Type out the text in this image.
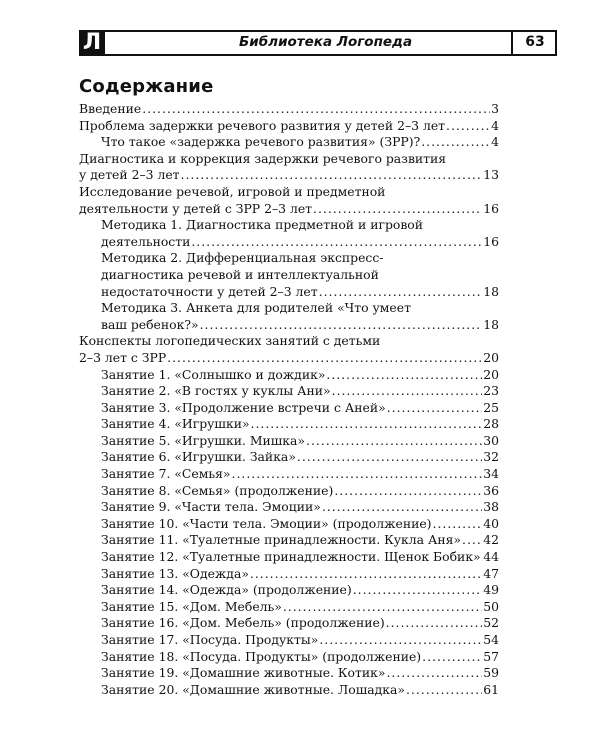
Л	Библиотека Логопеда	63
Содержание
Введение .....	3
Проблема задержки речевого развития у детей 2–3 лет .....	4
Что такое «задержка речевого развития» (ЗРР)? .....	4
Диагностика и коррекция задержки речевого развития
у детей 2–3 лет .....	13
Исследование речевой, игровой и предметной
деятельности у детей с ЗРР 2–3 лет .....	16
Методика 1. Диагностика предметной и игровой
деятельности .....	16
Методика 2. Дифференциальная экспресс-
диагностика речевой и интеллектуальной
недостаточности у детей 2–3 лет .....	18
Методика 3. Анкета для родителей «Что умеет
ваш ребенок?» .....	18
Конспекты логопедических занятий с детьми
2–3 лет с ЗРР .....	20
Занятие 1. «Солнышко и дождик» .....	20
Занятие 2. «В гостях у куклы Ани» .....	23
Занятие 3. «Продолжение встречи с Аней» .....	25
Занятие 4. «Игрушки» .....	28
Занятие 5. «Игрушки. Мишка» .....	30
Занятие 6. «Игрушки. Зайка» .....	32
Занятие 7. «Семья» .....	34
Занятие 8. «Семья» (продолжение) .....	36
Занятие 9. «Части тела. Эмоции» .....	38
Занятие 10. «Части тела. Эмоции» (продолжение) .....	40
Занятие 11. «Туалетные принадлежности. Кукла Аня» ..... 42
Занятие 12. «Туалетные принадлежности. Щенок Бобик» ..... 44
Занятие 13. «Одежда» .....	47
Занятие 14. «Одежда» (продолжение) .....	49
Занятие 15. «Дом. Мебель» .....	50
Занятие 16. «Дом. Мебель» (продолжение) .....	52
Занятие 17. «Посуда. Продукты» .....	54
Занятие 18. «Посуда. Продукты» (продолжение) .....	57
Занятие 19. «Домашние животные. Котик» .....	59
Занятие 20. «Домашние животные. Лошадка» .....	61
